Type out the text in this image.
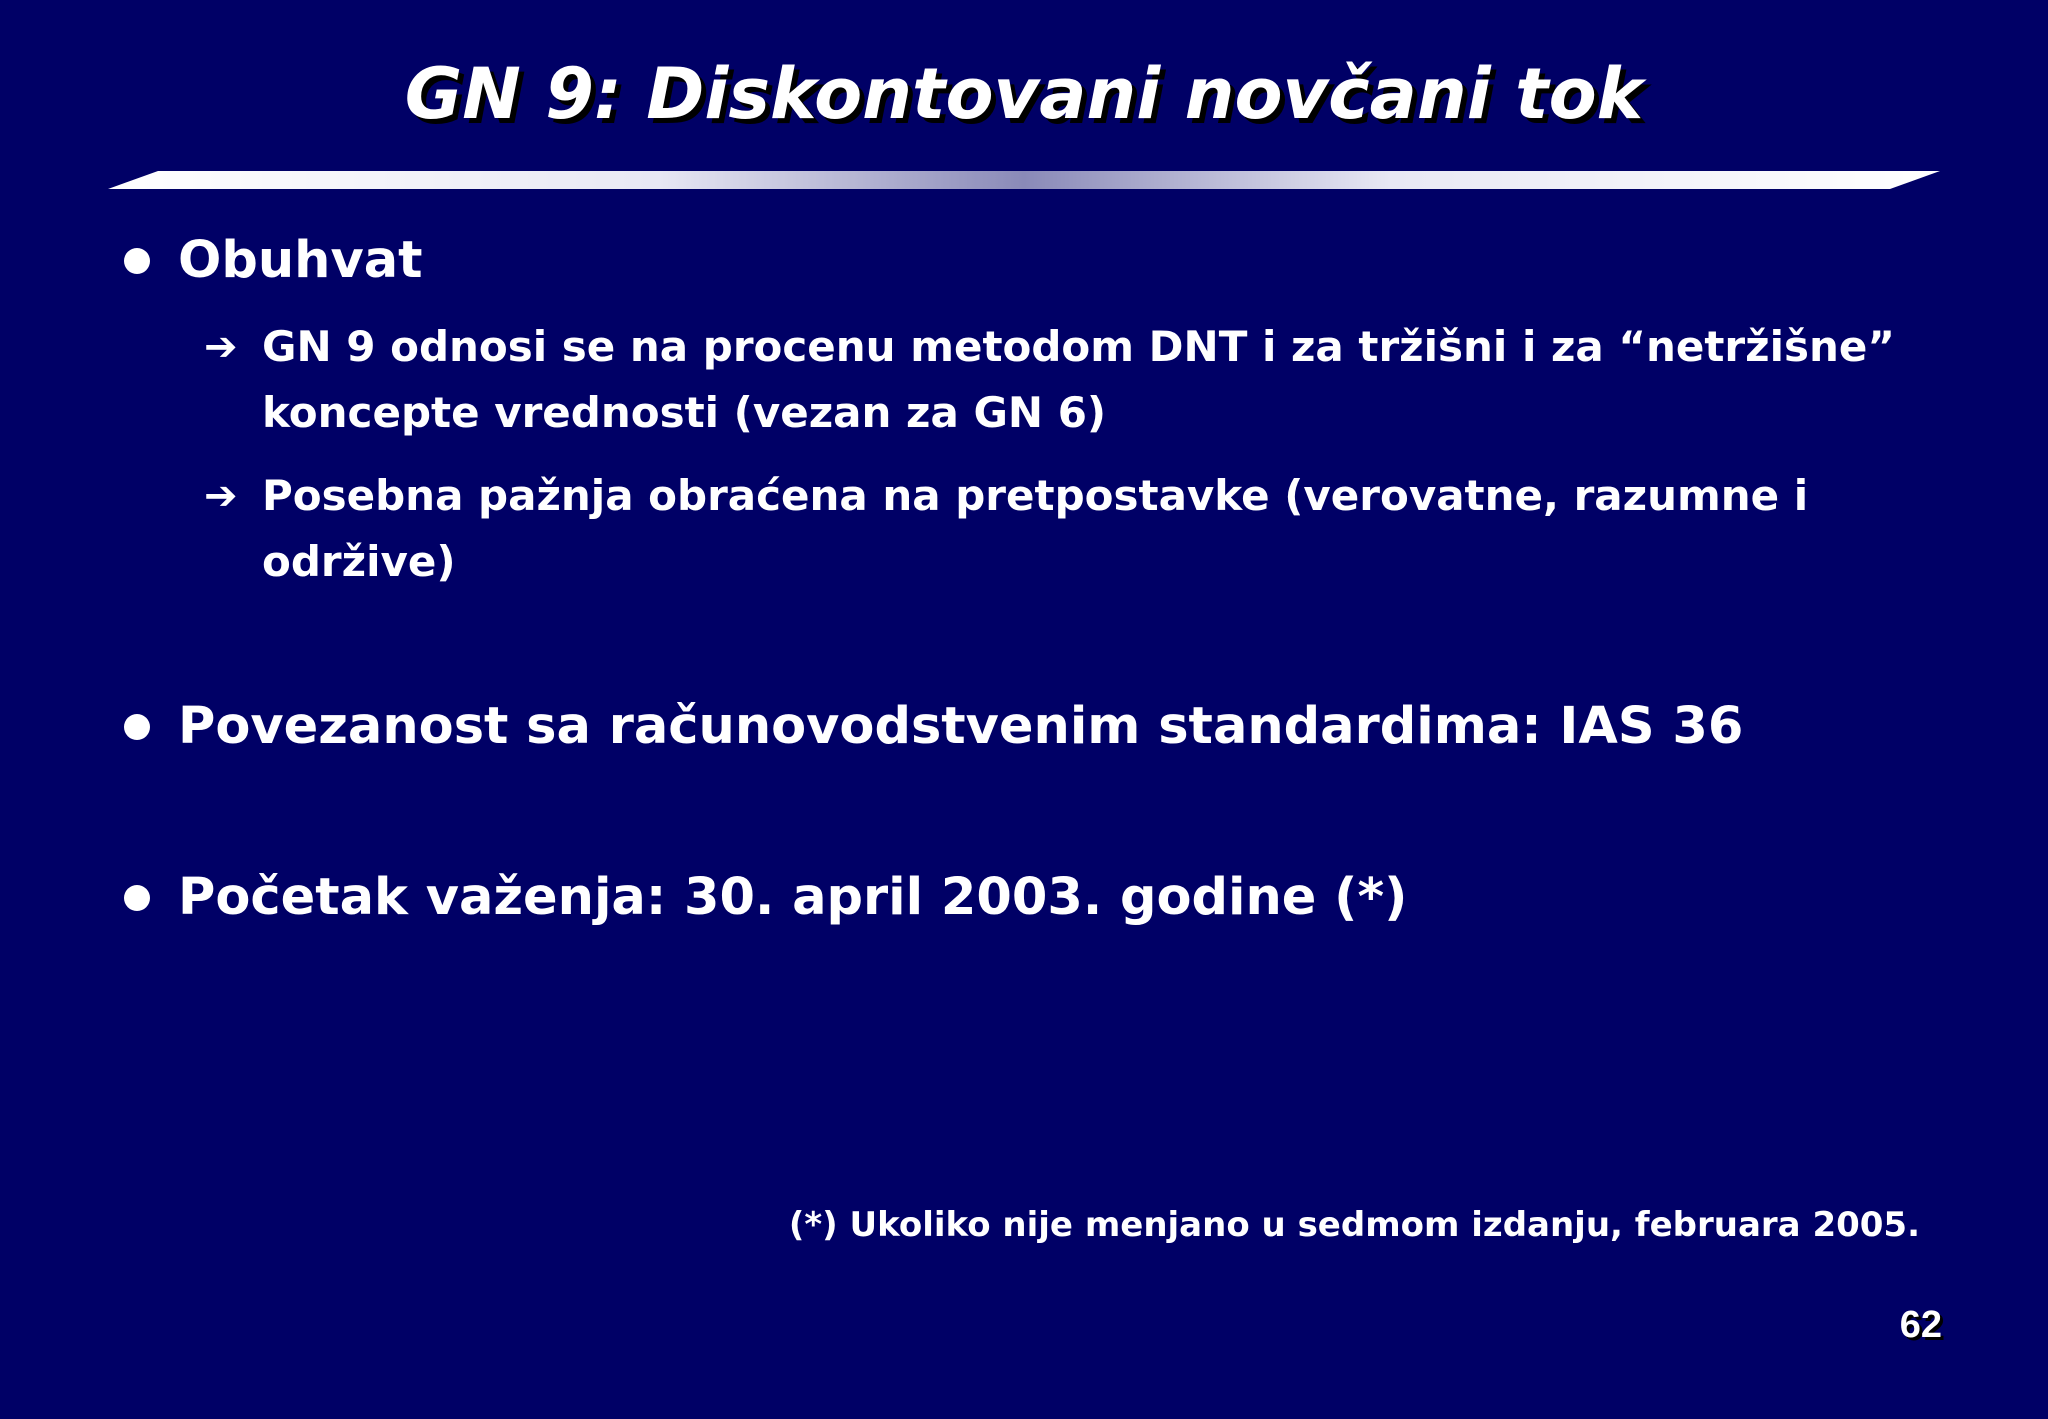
GN 9: Diskontovani novčani tok
Obuhvat
➔ GN 9 odnosi se na procenu metodom DNT i za tržišni i za “netržišne”
koncepte vrednosti (vezan za GN 6)
➔ Posebna pažnja obraćena na pretpostavke (verovatne, razumne i
održive)
Povezanost sa računovodstvenim standardima: IAS 36
Početak važenja: 30. april 2003. godine (*)
(*) Ukoliko nije menjano u sedmom izdanju, februara 2005.
62
